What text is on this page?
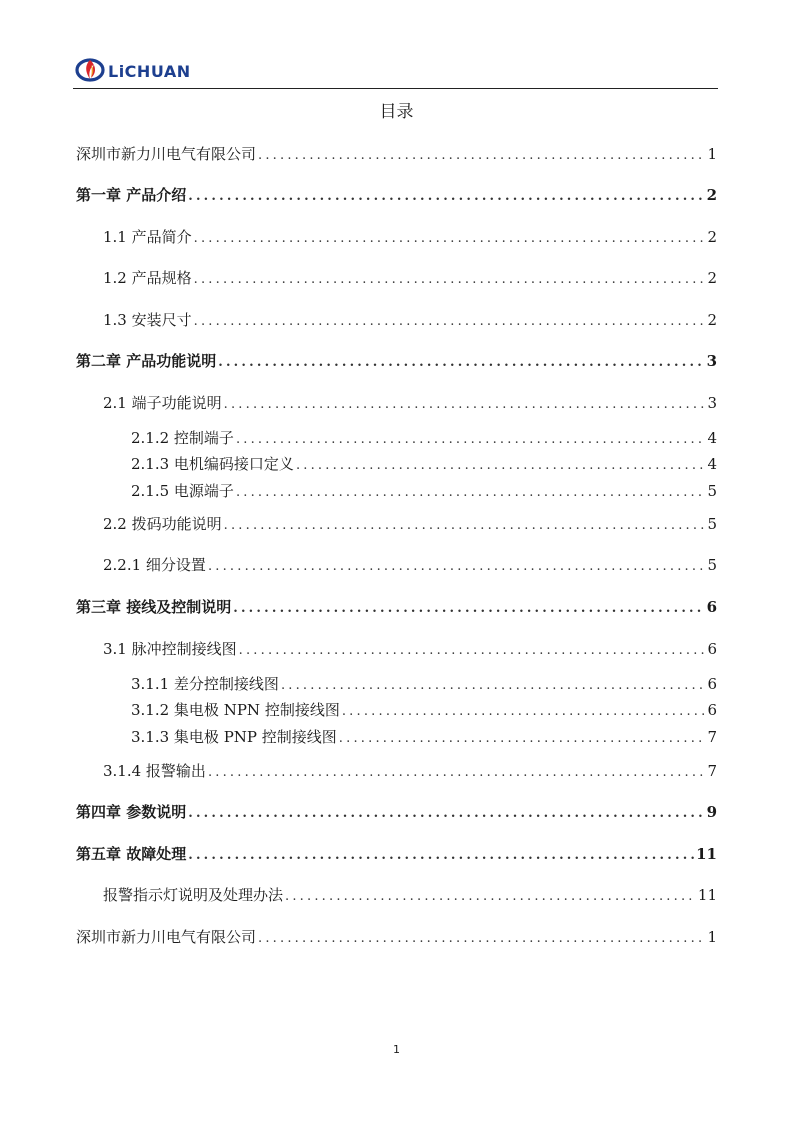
LiCHUAN
目录
深圳市新力川电气有限公司 .....	1
第一章 产品介绍 .....	2
1.1 产品简介 .....	2
1.2 产品规格 .....	2
1.3 安装尺寸 .....	2
第二章 产品功能说明 .....	3
2.1 端子功能说明 .....	3
2.1.2 控制端子 .....	4
2.1.3 电机编码接口定义 .....	4
2.1.5 电源端子 .....	5
2.2 拨码功能说明 .....	5
2.2.1 细分设置 .....	5
第三章 接线及控制说明 .....	6
3.1 脉冲控制接线图 .....	6
3.1.1 差分控制接线图 .....	6
3.1.2 集电极 NPN 控制接线图 .....	6
3.1.3 集电极 PNP 控制接线图 .....	7
3.1.4 报警输出 .....	7
第四章 参数说明 .....	9
第五章 故障处理 .....	11
报警指示灯说明及处理办法 .....	11
深圳市新力川电气有限公司 .....	1
1
